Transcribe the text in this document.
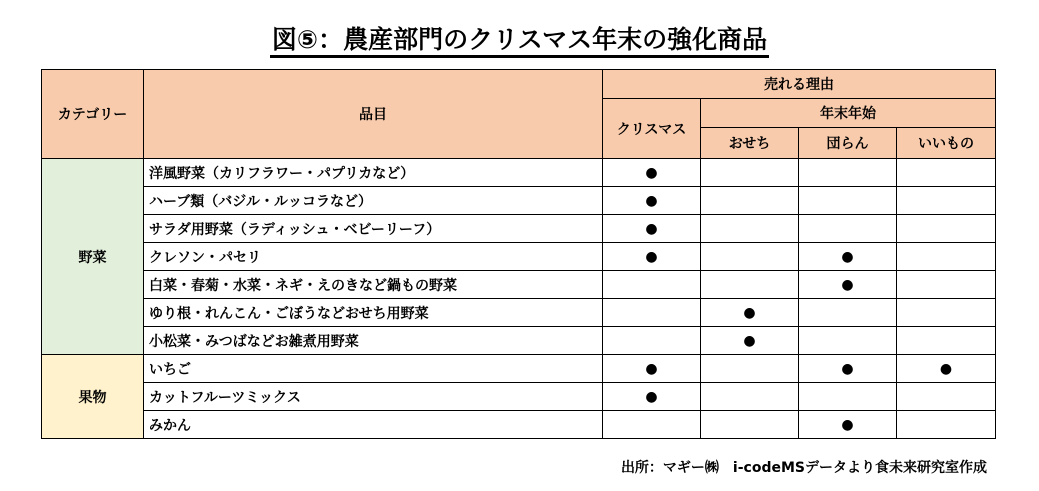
図⑤：農産部門のクリスマス年末の強化商品
カテゴリー	品目	売れる理由			
		クリスマス	年末年始		
			おせち	団らん	いいもの
野菜	洋風野菜（カリフラワー・パプリカなど）	●			
	ハーブ類（バジル・ルッコラなど）	●			
	サラダ用野菜（ラディッシュ・ベビーリーフ）	●			
	クレソン・パセリ	●		●	
	白菜・春菊・水菜・ネギ・えのきなど鍋もの野菜			●	
	ゆり根・れんこん・ごぼうなどおせち用野菜		●		
	小松菜・みつばなどお雑煮用野菜		●		
果物	いちご	●		●	●
	カットフルーツミックス	●			
	みかん			●	
出所：マギー㈱　i-codeMSデータより食未来研究室作成
